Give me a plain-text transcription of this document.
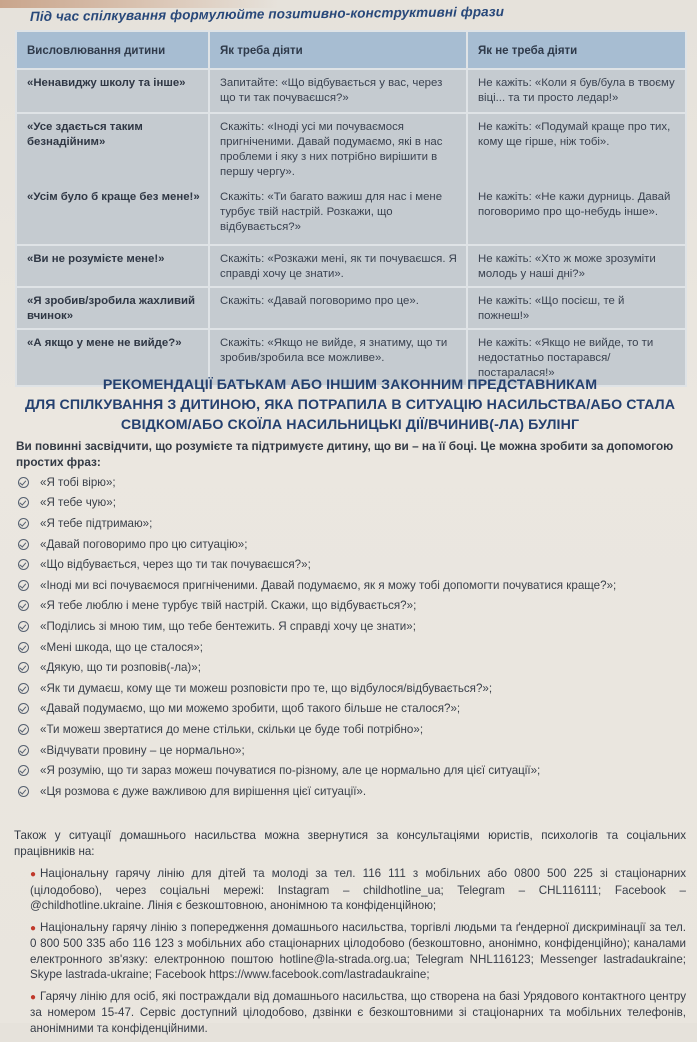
Під час спілкування формулюйте позитивно-конструктивні фрази
Висловлювання дитини	Як треба діяти	Як не треба діяти
«Ненавиджу школу та інше»	Запитайте: «Що відбувається у вас, через що ти так почуваєшся?»	Не кажіть: «Коли я був/була в твоєму віці... та ти просто ледар!»
«Усе здається таким безнадійним»	Скажіть: «Іноді усі ми почуваємося пригніченими. Давай подумаємо, які в нас проблеми і яку з них потрібно вирішити в першу чергу».	Не кажіть: «Подумай краще про тих, кому ще гірше, ніж тобі».
«Усім було б краще без мене!»	Скажіть: «Ти багато важиш для нас і мене турбує твій настрій. Розкажи, що відбувається?»	Не кажіть: «Не кажи дурниць. Давай поговоримо про що-небудь інше».
«Ви не розумієте мене!»	Скажіть: «Розкажи мені, як ти почуваєшся. Я справді хочу це знати».	Не кажіть: «Хто ж може зрозуміти молодь у наші дні?»
«Я зробив/зробила жахливий вчинок»	Скажіть: «Давай поговоримо про це».	Не кажіть: «Що посієш, те й пожнеш!»
«А якщо у мене не вийде?»	Скажіть: «Якщо не вийде, я знатиму, що ти зробив/зробила все можливе».	Не кажіть: «Якщо не вийде, то ти недостатньо постарався/постаралася!»
РЕКОМЕНДАЦІЇ БАТЬКАМ АБО ІНШИМ ЗАКОННИМ ПРЕДСТАВНИКАМ
ДЛЯ СПІЛКУВАННЯ З ДИТИНОЮ, ЯКА ПОТРАПИЛА В СИТУАЦІЮ НАСИЛЬСТВА/АБО СТАЛА
СВІДКОМ/АБО СКОЇЛА НАСИЛЬНИЦЬКІ ДІЇ/ВЧИНИВ(-ЛА) БУЛІНГ
Ви повинні засвідчити, що розумієте та підтримуєте дитину, що ви – на її боці. Це можна зробити за допомогою простих фраз:
«Я тобі вірю»;
«Я тебе чую»;
«Я тебе підтримаю»;
«Давай поговоримо про цю ситуацію»;
«Що відбувається, через що ти так почуваєшся?»;
«Іноді ми всі почуваємося пригніченими. Давай подумаємо, як я можу тобі допомогти почуватися краще?»;
«Я тебе люблю і мене турбує твій настрій. Скажи, що відбувається?»;
«Поділись зі мною тим, що тебе бентежить. Я справді хочу це знати»;
«Мені шкода, що це сталося»;
«Дякую, що ти розповів(-ла)»;
«Як ти думаєш, кому ще ти можеш розповісти про те, що відбулося/відбувається?»;
«Давай подумаємо, що ми можемо зробити, щоб такого більше не сталося?»;
«Ти можеш звертатися до мене стільки, скільки це буде тобі потрібно»;
«Відчувати провину – це нормально»;
«Я розумію, що ти зараз можеш почуватися по-різному, але це нормально для цієї ситуації»;
«Ця розмова є дуже важливою для вирішення цієї ситуації».
Також у ситуації домашнього насильства можна звернутися за консультаціями юристів, психологів та соціальних працівників на:
● Національну гарячу лінію для дітей та молоді за тел. 116 111 з мобільних або 0800 500 225 зі стаціонарних (цілодобово), через соціальні мережі: Instagram – childhotline_ua; Telegram – CHL116111; Facebook – @childhotline.ukraine. Лінія є безкоштовною, анонімною та конфіденційною;
● Національну гарячу лінію з попередження домашнього насильства, торгівлі людьми та ґендерної дискримінації за тел. 0 800 500 335 або 116 123 з мобільних або стаціонарних цілодобово (безкоштовно, анонімно, конфіденційно); каналами електронного зв'язку: електронною поштою hotline@la-strada.org.ua; Telegram NHL116123; Messenger lastradaukraine; Skype lastrada-ukraine; Facebook https://www.facebook.com/lastradaukraine;
● Гарячу лінію для осіб, які постраждали від домашнього насильства, що створена на базі Урядового контактного центру за номером 15-47. Сервіс доступний цілодобово, дзвінки є безкоштовними зі стаціонарних та мобільних телефонів, анонімними та конфіденційними.
